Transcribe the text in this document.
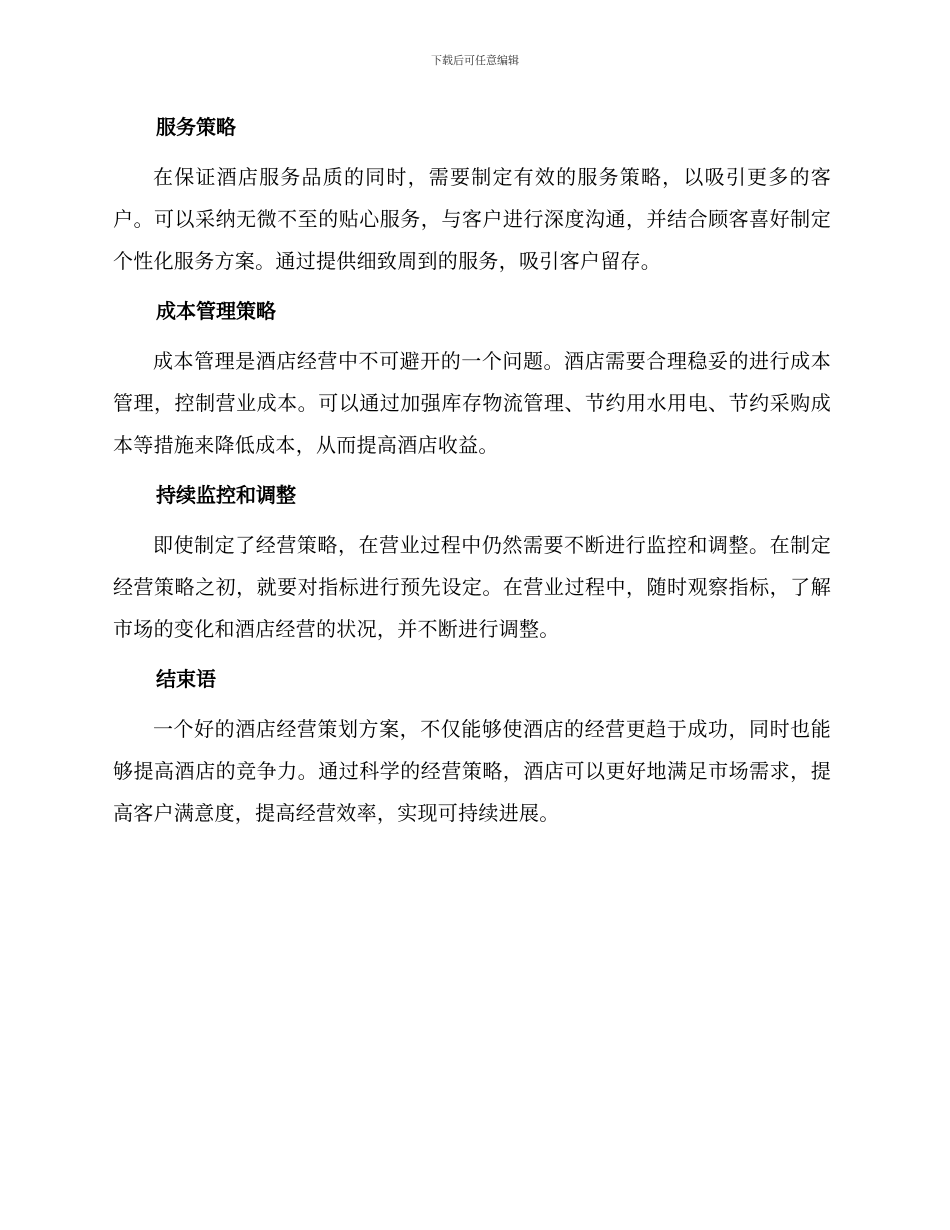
下载后可任意编辑
服务策略

在保证酒店服务品质的同时，需要制定有效的服务策略，以吸引更多的客户。可以采纳无微不至的贴心服务，与客户进行深度沟通，并结合顾客喜好制定个性化服务方案。通过提供细致周到的服务，吸引客户留存。

成本管理策略

成本管理是酒店经营中不可避开的一个问题。酒店需要合理稳妥的进行成本管理，控制营业成本。可以通过加强库存物流管理、节约用水用电、节约采购成本等措施来降低成本，从而提高酒店收益。

持续监控和调整

即使制定了经营策略，在营业过程中仍然需要不断进行监控和调整。在制定经营策略之初，就要对指标进行预先设定。在营业过程中，随时观察指标，了解市场的变化和酒店经营的状况，并不断进行调整。

结束语

一个好的酒店经营策划方案，不仅能够使酒店的经营更趋于成功，同时也能够提高酒店的竞争力。通过科学的经营策略，酒店可以更好地满足市场需求，提高客户满意度，提高经营效率，实现可持续进展。
